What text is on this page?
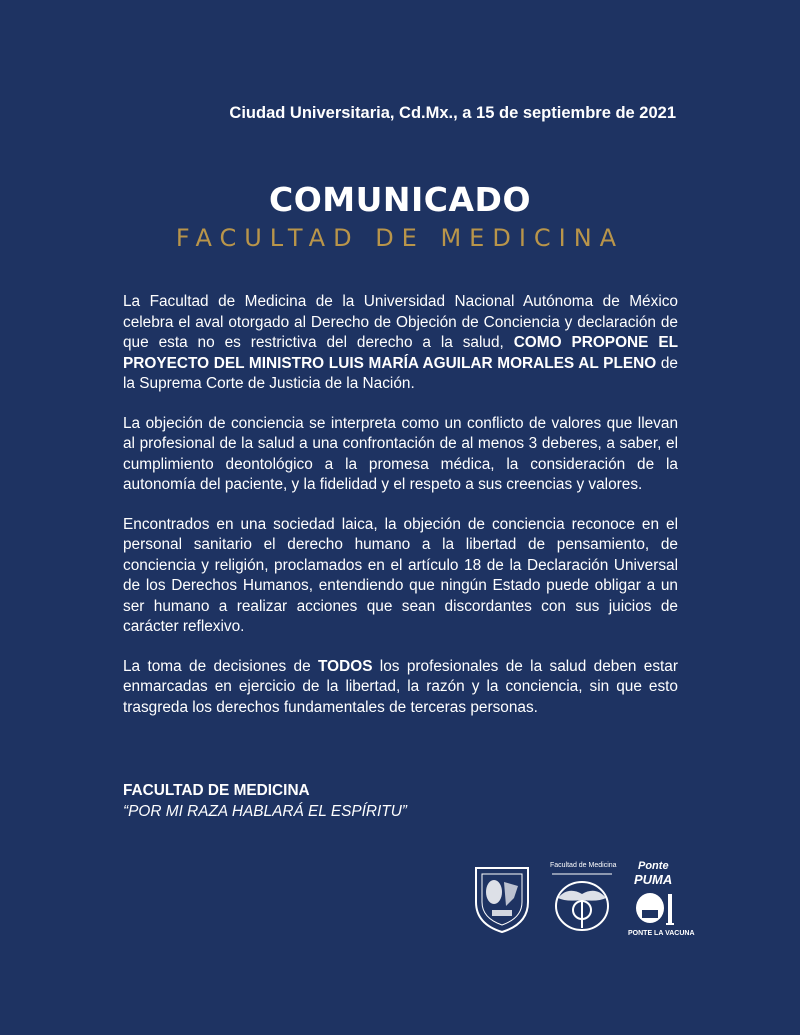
Ciudad Universitaria, Cd.Mx., a 15 de septiembre de 2021
COMUNICADO
FACULTAD DE MEDICINA

La Facultad de Medicina de la Universidad Nacional Autónoma de México celebra el aval otorgado al Derecho de Objeción de Conciencia y declaración de que esta no es restrictiva del derecho a la salud, COMO PROPONE EL PROYECTO DEL MINISTRO LUIS MARÍA AGUILAR MORALES AL PLENO de la Suprema Corte de Justicia de la Nación.

La objeción de conciencia se interpreta como un conflicto de valores que llevan al profesional de la salud a una confrontación de al menos 3 deberes, a saber, el cumplimiento deontológico a la promesa médica, la consideración de la autonomía del paciente, y la fidelidad y el respeto a sus creencias y valores.

Encontrados en una sociedad laica, la objeción de conciencia reconoce en el personal sanitario el derecho humano a la libertad de pensamiento, de conciencia y religión, proclamados en el artículo 18 de la Declaración Universal de los Derechos Humanos, entendiendo que ningún Estado puede obligar a un ser humano a realizar acciones que sean discordantes con sus juicios de carácter reflexivo.

La toma de decisiones de TODOS los profesionales de la salud deben estar enmarcadas en ejercicio de la libertad, la razón y la conciencia, sin que esto trasgreda los derechos fundamentales de terceras personas.

FACULTAD DE MEDICINA
“POR MI RAZA HABLARÁ EL ESPÍRITU”
Facultad de Medicina Ponte
PUMA
PONTE LA VACUNA
